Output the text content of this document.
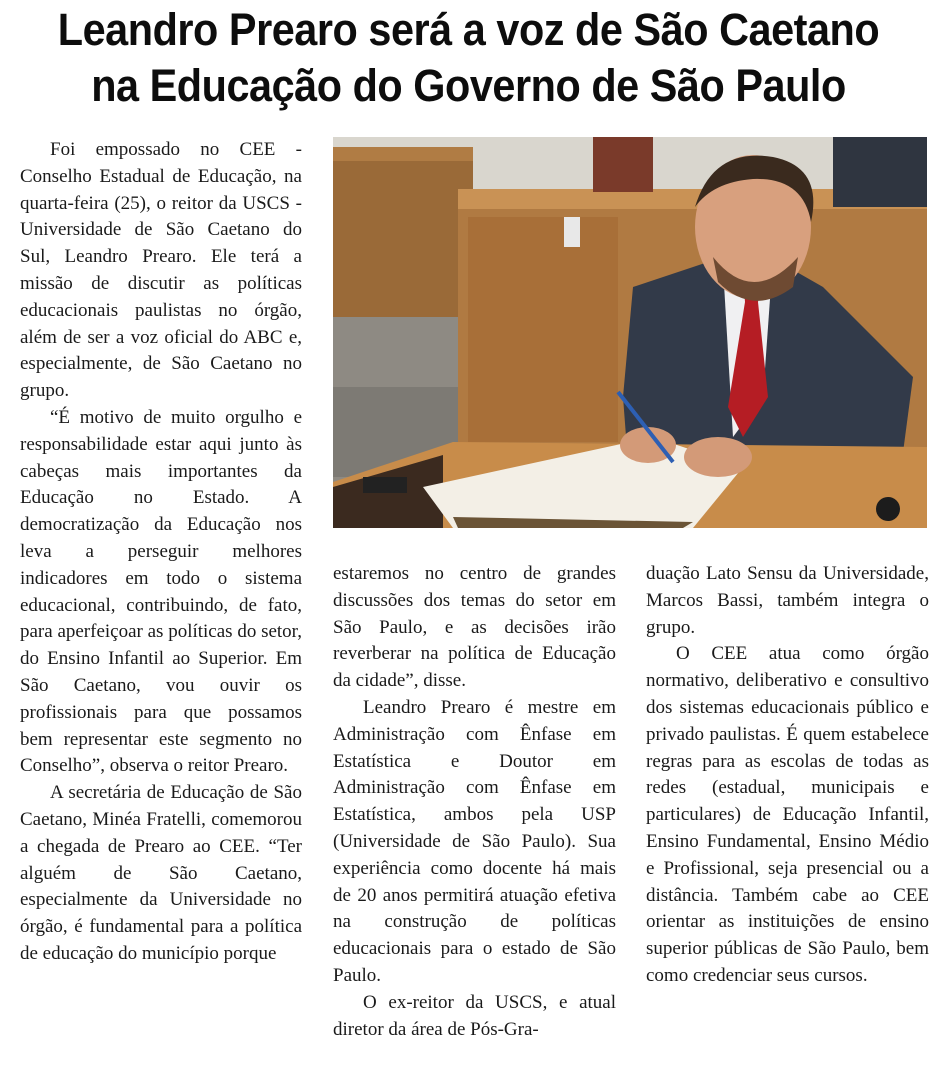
Leandro Prearo será a voz de São Caetano
na Educação do Governo de São Paulo

Foi empossado no CEE - Conselho Estadual de Educação, na quarta-feira (25), o reitor da USCS - Universidade de São Caetano do Sul, Leandro Prearo. Ele terá a missão de discutir as políticas educacionais paulistas no órgão, além de ser a voz oficial do ABC e, especialmente, de São Caetano no grupo.

“É motivo de muito orgulho e responsabilidade estar aqui junto às cabeças mais importantes da Educação no Estado. A democratização da Educação nos leva a perseguir melhores indicadores em todo o sistema educacional, contribuindo, de fato, para aperfeiçoar as políticas do setor, do Ensino Infantil ao Superior. Em São Caetano, vou ouvir os profissionais para que possamos bem representar este segmento no Conselho”, observa o reitor Prearo.

A secretária de Educação de São Caetano, Minéa Fratelli, comemorou a chegada de Prearo ao CEE. “Ter alguém de São Caetano, especialmente da Universidade no órgão, é fundamental para a política de educação do município porque

estaremos no centro de grandes discussões dos temas do setor em São Paulo, e as decisões irão reverberar na política de Educação da cidade”, disse.

Leandro Prearo é mestre em Administração com Ênfase em Estatística e Doutor em Administração com Ênfase em Estatística, ambos pela USP (Universidade de São Paulo). Sua experiência como docente há mais de 20 anos permitirá atuação efetiva na construção de políticas educacionais para o estado de São Paulo.

O ex-reitor da USCS, e atual diretor da área de Pós-Gra-

duação Lato Sensu da Universidade, Marcos Bassi, também integra o grupo.

O CEE atua como órgão normativo, deliberativo e consultivo dos sistemas educacionais público e privado paulistas. É quem estabelece regras para as escolas de todas as redes (estadual, municipais e particulares) de Educação Infantil, Ensino Fundamental, Ensino Médio e Profissional, seja presencial ou a distância. Também cabe ao CEE orientar as instituições de ensino superior públicas de São Paulo, bem como credenciar seus cursos.
